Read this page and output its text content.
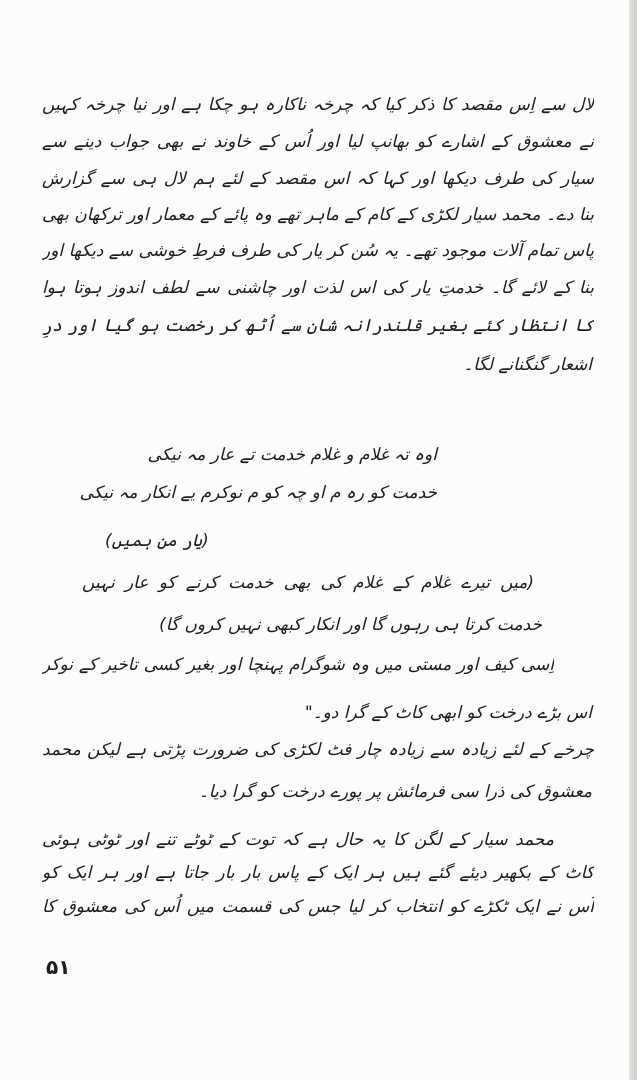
لال سے اِس مقصد کا ذکر کیا کہ چرخہ ناکارہ ہو چکا ہے اور نیا چرخہ کہیں
نے معشوق کے اشارے کو بھانپ لیا اور اُس کے خاوند نے بھی جواب دینے سے
سیار کی طرف دیکھا اور کہا کہ اس مقصد کے لئے ہم لال ہی سے گزارش
بنا دے۔ محمد سیار لکڑی کے کام کے ماہر تھے وہ پائے کے معمار اور ترکھان بھی
پاس تمام آلات موجود تھے۔ یہ سُن کر یار کی طرف فرطِ خوشی سے دیکھا اور
بنا کے لائے گا۔ خدمتِ یار کی اس لذت اور چاشنی سے لطف اندوز ہوتا ہوا
کا انتظار کئے بغیر قلندرانہ شان سے اُٹھ کر رخصت ہو گیا اور درِ
اشعار گنگنانے لگا۔
اوہ تہ غلام و غلام خدمت تے عار مہ نیکی
خدمت کو رہ م او چہ کو م نوکرم یے انکار مہ نیکی
(یار من ہمیں)
(میں تیرے غلام کے غلام کی بھی خدمت کرنے کو عار نہیں
خدمت کرتا ہی رہوں گا اور انکار کبھی نہیں کروں گا)
اِسی کیف اور مستی میں وہ شوگرام پہنچا اور بغیر کسی تاخیر کے نوکر
اس بڑے درخت کو ابھی کاٹ کے گرا دو۔"
چرخے کے لئے زیادہ سے زیادہ چار فٹ لکڑی کی ضرورت پڑتی ہے لیکن محمد
معشوق کی ذرا سی فرمائش پر پورے درخت کو گرا دیا۔
محمد سیار کے لگن کا یہ حال ہے کہ توت کے ٹوٹے تنے اور ٹوٹی ہوئی
کاٹ کے بکھیر دیئے گئے ہیں ہر ایک کے پاس بار بار جاتا ہے اور ہر ایک کو
اُس نے ایک ٹکڑے کو انتخاب کر لیا جس کی قسمت میں اُس کی معشوق کا
۵۱
